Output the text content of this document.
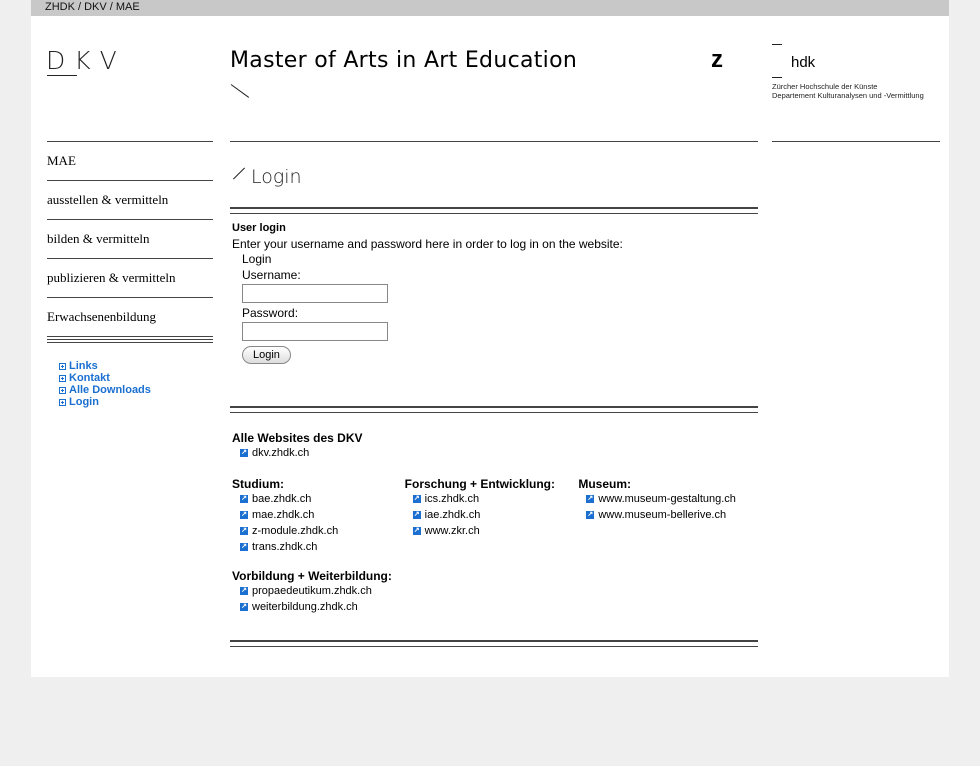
ZHDK / DKV / MAE
DKV	Master of Arts in Art Education	z	hdk
Zürcher Hochschule der Künste
Departement Kulturanalysen und -Vermittlung
MAE
ausstellen & vermitteln
bilden & vermitteln
publizieren & vermitteln
Erwachsenenbildung
Links
Kontakt
Alle Downloads
Login
Login
User login
Enter your username and password here in order to log in on the website:
Login
Username:
Password:
Login
Alle Websites des DKV
↗ dkv.zhdk.ch
Studium:
↗ bae.zhdk.ch
↗ mae.zhdk.ch
↗ z-module.zhdk.ch
↗ trans.zhdk.ch
Forschung + Entwicklung:
↗ ics.zhdk.ch
↗ iae.zhdk.ch
↗ www.zkr.ch
Museum:
↗ www.museum-gestaltung.ch
↗ www.museum-bellerive.ch
Vorbildung + Weiterbildung:
↗ propaedeutikum.zhdk.ch
↗ weiterbildung.zhdk.ch
